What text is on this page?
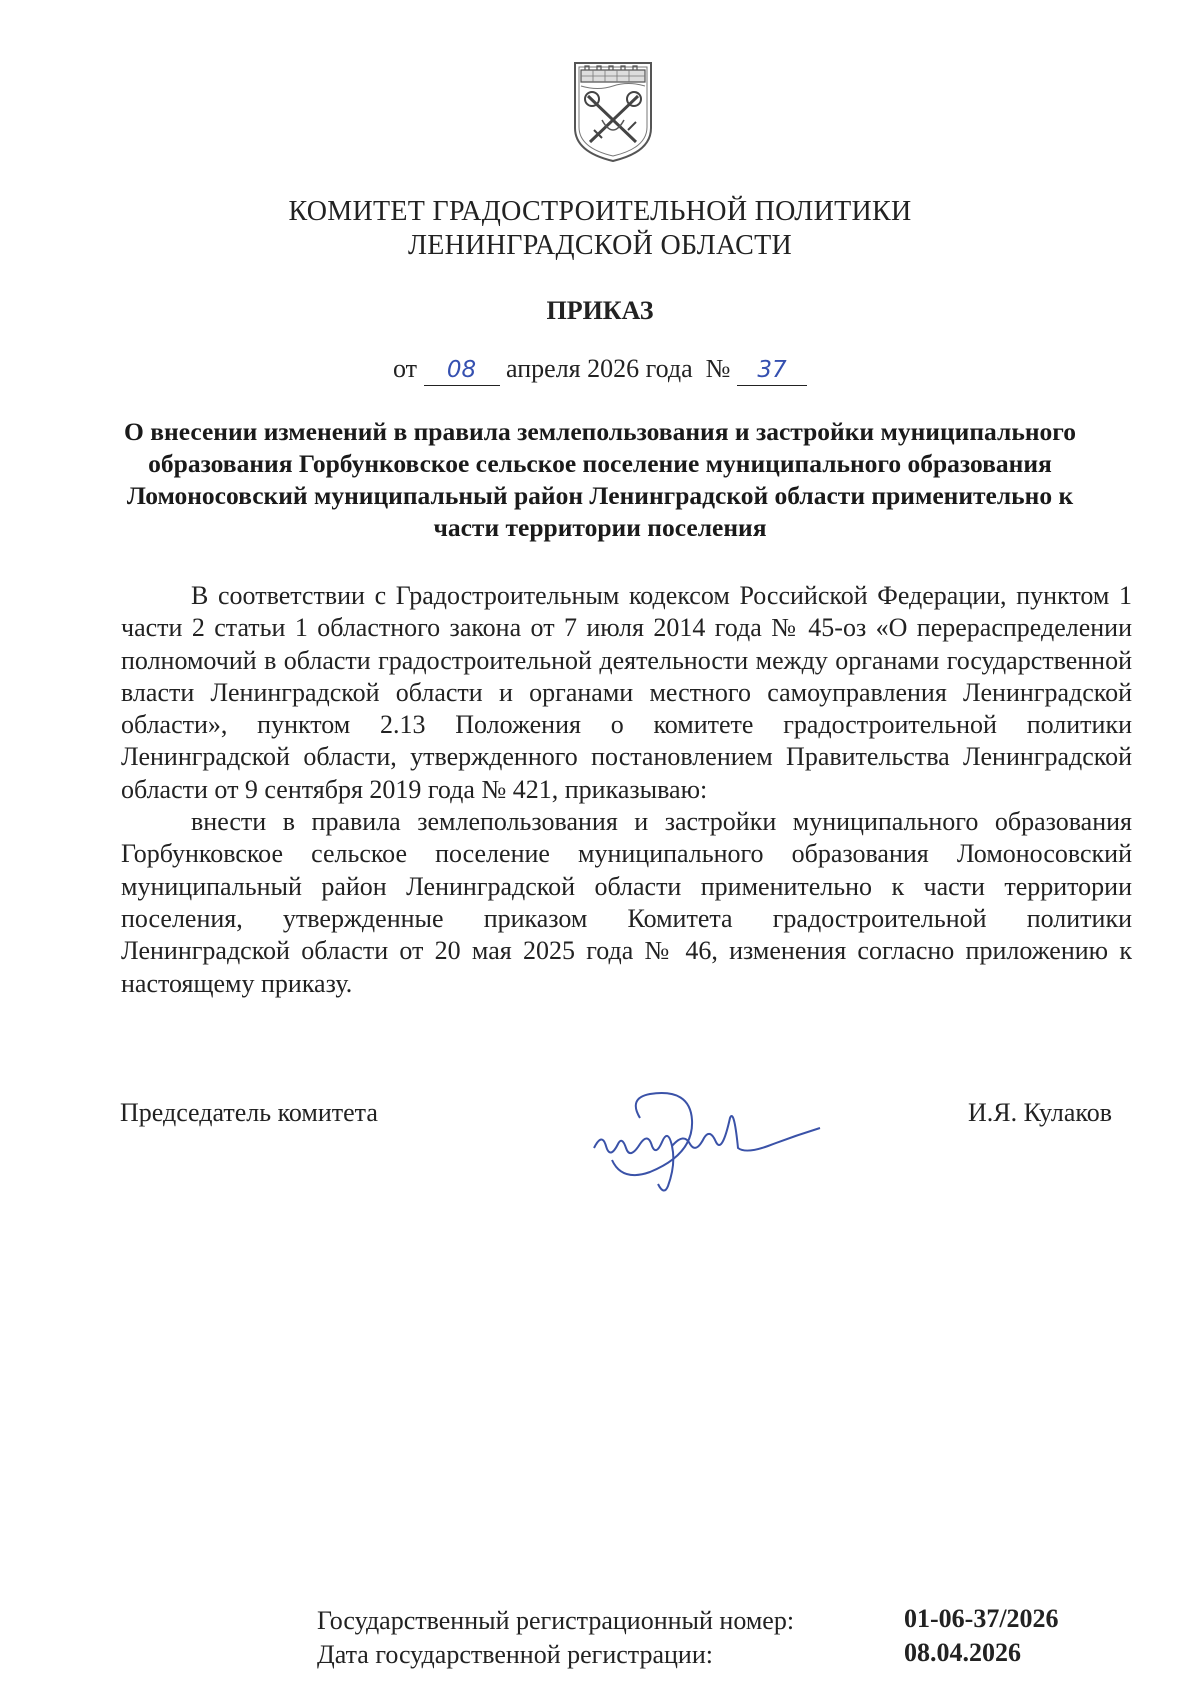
КОМИТЕТ ГРАДОСТРОИТЕЛЬНОЙ ПОЛИТИКИ
ЛЕНИНГРАДСКОЙ ОБЛАСТИ
ПРИКАЗ
от 08 апреля 2026 года № 37
О внесении изменений в правила землепользования и застройки муниципального образования Горбунковское сельское поселение муниципального образования Ломоносовский муниципальный район Ленинградской области применительно к части территории поселения

В соответствии с Градостроительным кодексом Российской Федерации, пунктом 1 части 2 статьи 1 областного закона от 7 июля 2014 года № 45-оз «О перераспределении полномочий в области градостроительной деятельности между органами государственной власти Ленинградской области и органами местного самоуправления Ленинградской области», пунктом 2.13 Положения о комитете градостроительной политики Ленинградской области, утвержденного постановлением Правительства Ленинградской области от 9 сентября 2019 года № 421, приказываю:

внести в правила землепользования и застройки муниципального образования Горбунковское сельское поселение муниципального образования Ломоносовский муниципальный район Ленинградской области применительно к части территории поселения, утвержденные приказом Комитета градостроительной политики Ленинградской области от 20 мая 2025 года № 46, изменения согласно приложению к настоящему приказу.

Председатель комитета	И.Я. Кулаков
Государственный регистрационный номер:	01-06-37/2026
Дата государственной регистрации:	08.04.2026
